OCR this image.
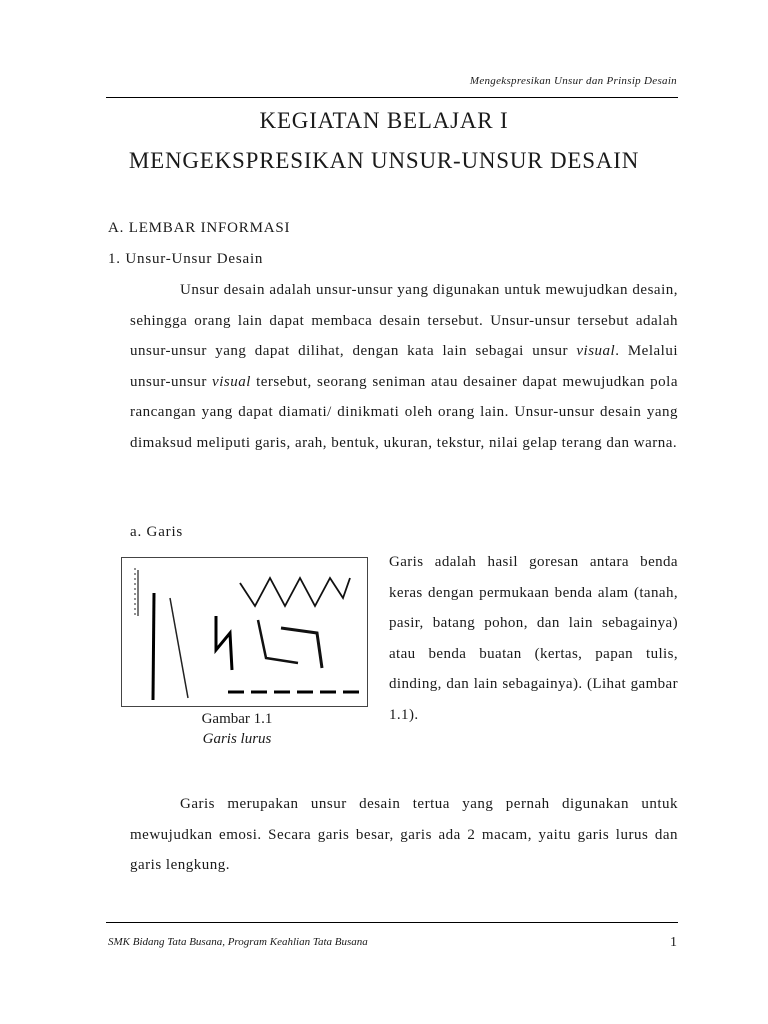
Mengekspresikan Unsur dan Prinsip Desain
KEGIATAN BELAJAR I
MENGEKSPRESIKAN UNSUR-UNSUR DESAIN
A. LEMBAR INFORMASI
1. Unsur-Unsur Desain

Unsur desain adalah unsur-unsur yang digunakan untuk mewujudkan desain, sehingga orang lain dapat membaca desain tersebut. Unsur-unsur tersebut adalah unsur-unsur yang dapat dilihat, dengan kata lain sebagai unsur visual. Melalui unsur-unsur visual tersebut, seorang seniman atau desainer dapat mewujudkan pola rancangan yang dapat diamati/ dinikmati oleh orang lain. Unsur-unsur desain yang dimaksud meliputi garis, arah, bentuk, ukuran, tekstur, nilai gelap terang dan warna.

a. Garis
Gambar 1.1
Garis lurus

Garis adalah hasil goresan antara benda keras dengan permukaan benda alam (tanah, pasir, batang pohon, dan lain sebagainya) atau benda buatan (kertas, papan tulis, dinding, dan lain sebagainya). (Lihat gambar 1.1).

Garis merupakan unsur desain tertua yang pernah digunakan untuk mewujudkan emosi. Secara garis besar, garis ada 2 macam, yaitu garis lurus dan garis lengkung.

SMK Bidang Tata Busana, Program Keahlian Tata Busana	1
